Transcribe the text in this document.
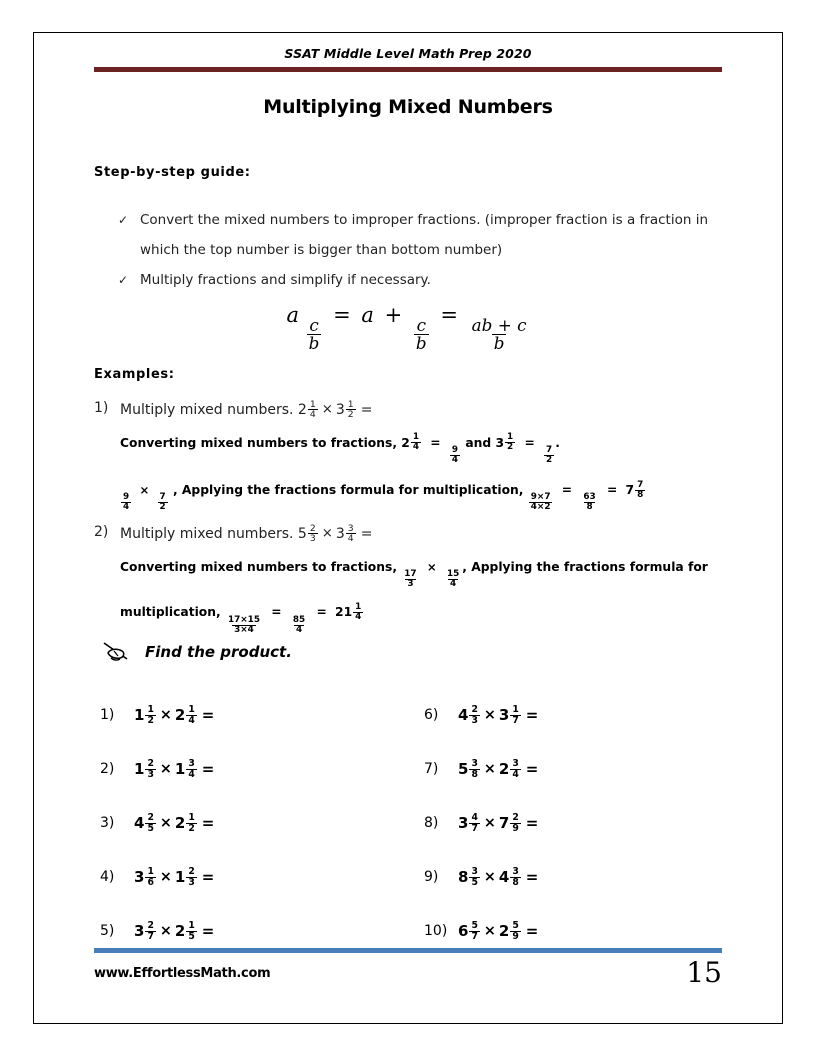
SSAT Middle Level Math Prep 2020
Multiplying Mixed Numbers
Step-by-step guide:
✓ Convert the mixed numbers to improper fractions. (improper fraction is a fraction in which the top number is bigger than bottom number)
✓ Multiply fractions and simplify if necessary.
a
$\frac{c}{b}$
= a +
$\frac{c}{b}$
=
$\frac{ab + c}{b}$
Examples:
1) Multiply mixed numbers.
$2 \frac{1}{4} \times 3 \frac{1}{2}$ =
Converting mixed numbers to fractions, $2 \frac{1}{4}$ =
$\frac{9}{4}$
and $3 \frac{1}{2}$ =
$\frac{7}{2}$
.
$\frac{9}{4}$
×
$\frac{7}{2}$
, Applying the fractions formula for multiplication,
$\frac{9\times 7}{4\times 2}$
=
$\frac{63}{8}$
= $7 \frac{7}{8}$
2) Multiply mixed numbers.
$5 \frac{2}{3} \times 3 \frac{3}{4}$ =
Converting mixed numbers to fractions,
$\frac{17}{3}$
×
$\frac{15}{4}$
, Applying the fractions formula for
multiplication,
$\frac{17\times 15}{3\times 4}$
=
$\frac{85}{4}$
= $21 \frac{1}{4}$
Find the product.
1)	$1 \frac{1}{2} \times 2 \frac{1}{4}$ =
2)	$1 \frac{2}{3} \times 1 \frac{3}{4}$ =
3)	$4 \frac{2}{5} \times 2 \frac{1}{2}$ =
4)	$3 \frac{1}{6} \times 1 \frac{2}{3}$ =
5)	$3 \frac{2}{7} \times 2 \frac{1}{5}$ =
6)	$4 \frac{2}{3} \times 3 \frac{1}{7}$ =
7)	$5 \frac{3}{8} \times 2 \frac{3}{4}$ =
8)	$3 \frac{4}{7} \times 7 \frac{2}{9}$ =
9)	$8 \frac{3}{5} \times 4 \frac{3}{8}$ =
10) $6 \frac{5}{7} \times 2 \frac{5}{9}$ =
www.EffortlessMath.com	15
